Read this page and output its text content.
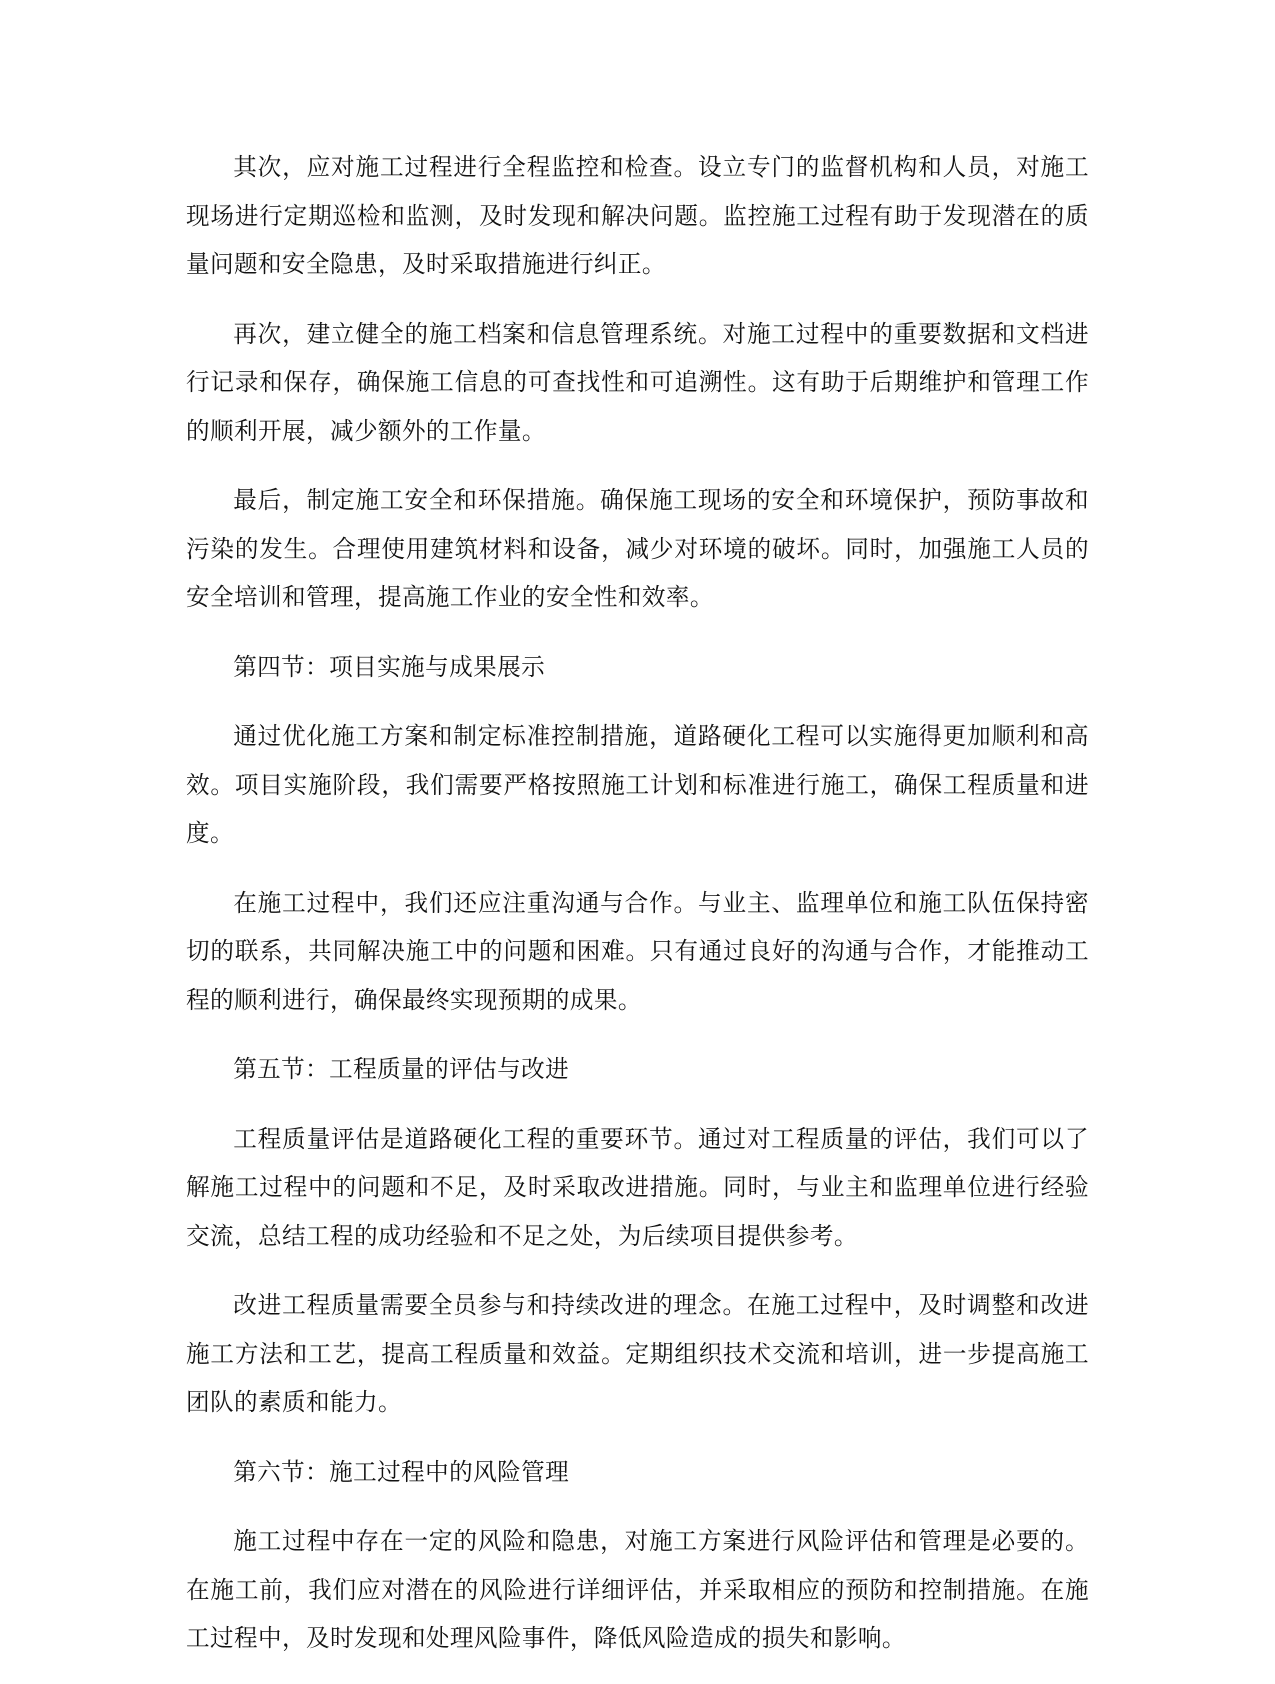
其次，应对施工过程进行全程监控和检查。设立专门的监督机构和人员，对施工现场进行定期巡检和监测，及时发现和解决问题。监控施工过程有助于发现潜在的质量问题和安全隐患，及时采取措施进行纠正。

再次，建立健全的施工档案和信息管理系统。对施工过程中的重要数据和文档进行记录和保存，确保施工信息的可查找性和可追溯性。这有助于后期维护和管理工作的顺利开展，减少额外的工作量。

最后，制定施工安全和环保措施。确保施工现场的安全和环境保护，预防事故和污染的发生。合理使用建筑材料和设备，减少对环境的破坏。同时，加强施工人员的安全培训和管理，提高施工作业的安全性和效率。

第四节：项目实施与成果展示

通过优化施工方案和制定标准控制措施，道路硬化工程可以实施得更加顺利和高效。项目实施阶段，我们需要严格按照施工计划和标准进行施工，确保工程质量和进度。

在施工过程中，我们还应注重沟通与合作。与业主、监理单位和施工队伍保持密切的联系，共同解决施工中的问题和困难。只有通过良好的沟通与合作，才能推动工程的顺利进行，确保最终实现预期的成果。

第五节：工程质量的评估与改进

工程质量评估是道路硬化工程的重要环节。通过对工程质量的评估，我们可以了解施工过程中的问题和不足，及时采取改进措施。同时，与业主和监理单位进行经验交流，总结工程的成功经验和不足之处，为后续项目提供参考。

改进工程质量需要全员参与和持续改进的理念。在施工过程中，及时调整和改进施工方法和工艺，提高工程质量和效益。定期组织技术交流和培训，进一步提高施工团队的素质和能力。

第六节：施工过程中的风险管理

施工过程中存在一定的风险和隐患，对施工方案进行风险评估和管理是必要的。在施工前，我们应对潜在的风险进行详细评估，并采取相应的预防和控制措施。在施工过程中，及时发现和处理风险事件，降低风险造成的损失和影响。
